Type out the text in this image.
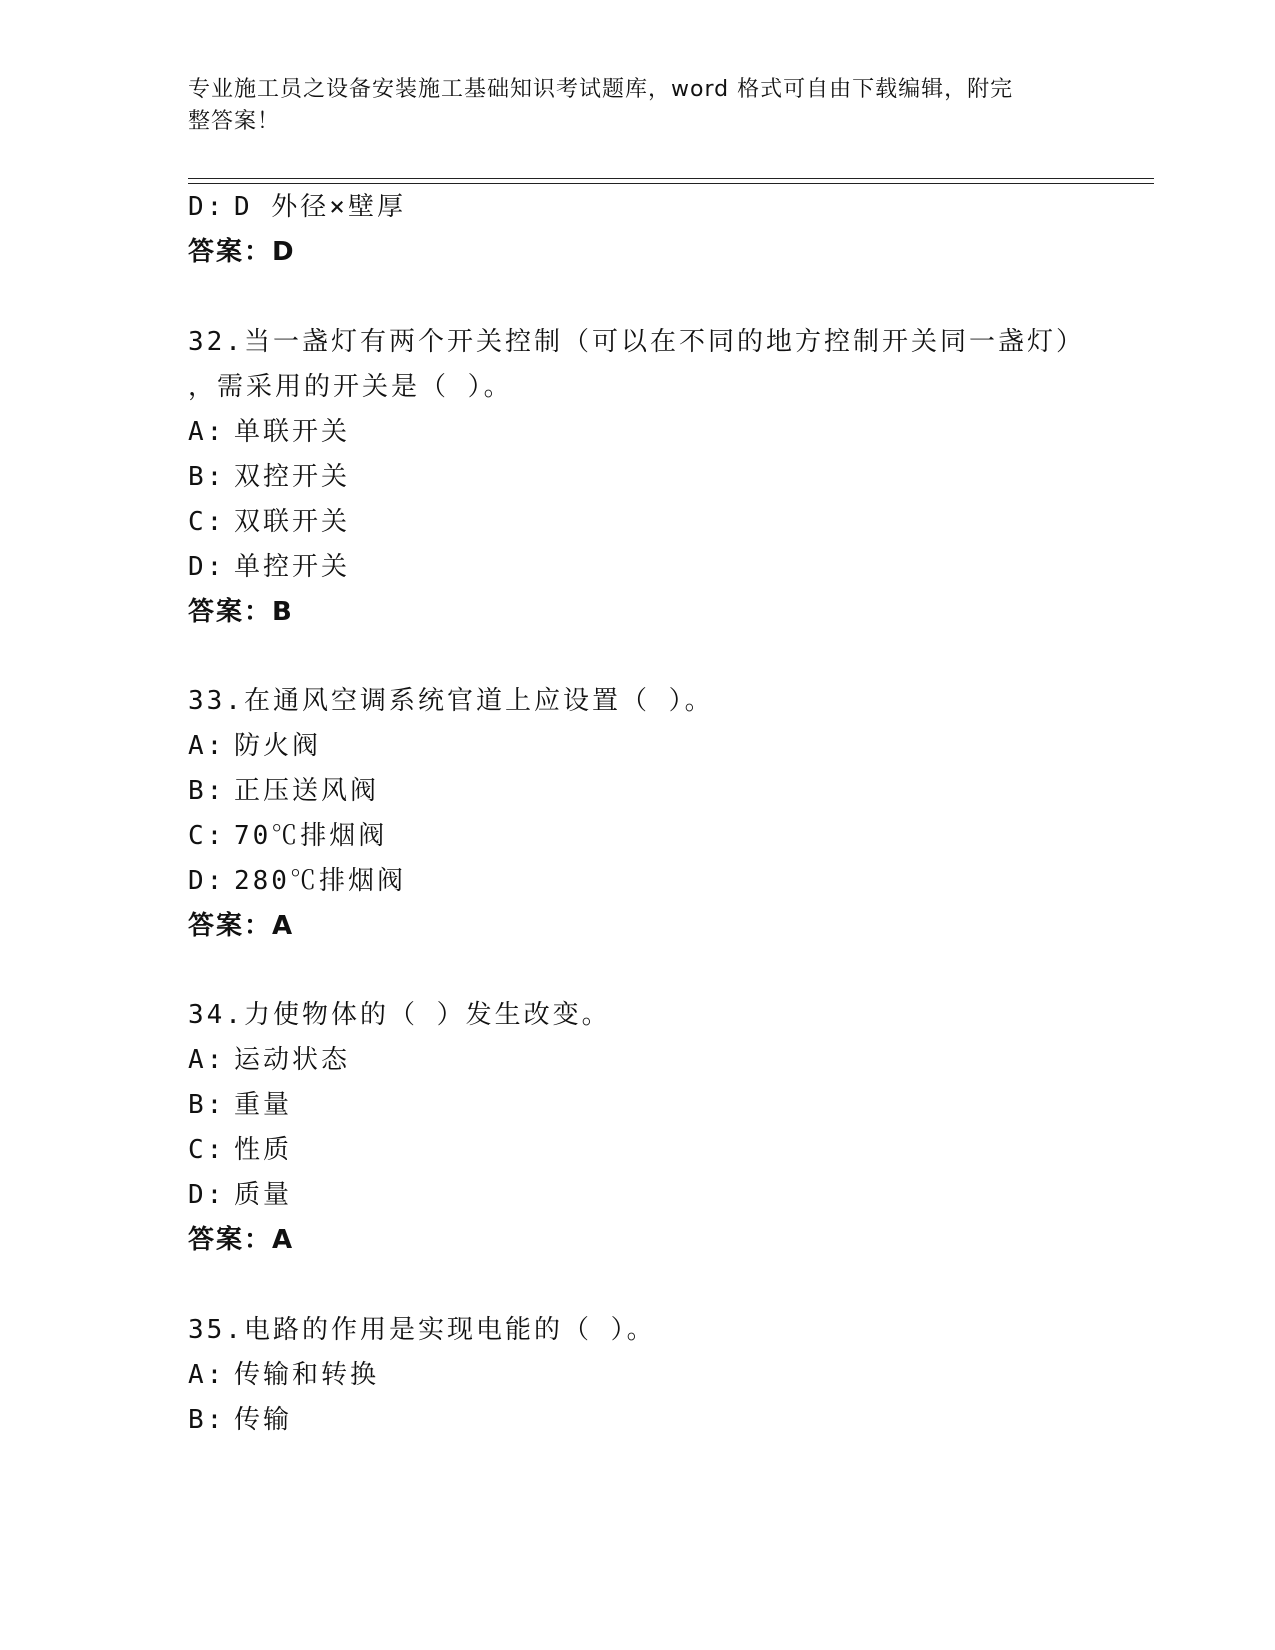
专业施工员之设备安装施工基础知识考试题库，word 格式可自由下载编辑，附完
整答案！
D: D 外径×壁厚
答案：D
32.当一盏灯有两个开关控制（可以在不同的地方控制开关同一盏灯）
，需采用的开关是（ ）。
A: 单联开关
B: 双控开关
C: 双联开关
D: 单控开关
答案：B
33.在通风空调系统官道上应设置（ ）。
A: 防火阀
B: 正压送风阀
C: 70℃排烟阀
D: 280℃排烟阀
答案：A
34.力使物体的（ ）发生改变。
A: 运动状态
B: 重量
C: 性质
D: 质量
答案：A
35.电路的作用是实现电能的（ ）。
A: 传输和转换
B: 传输
